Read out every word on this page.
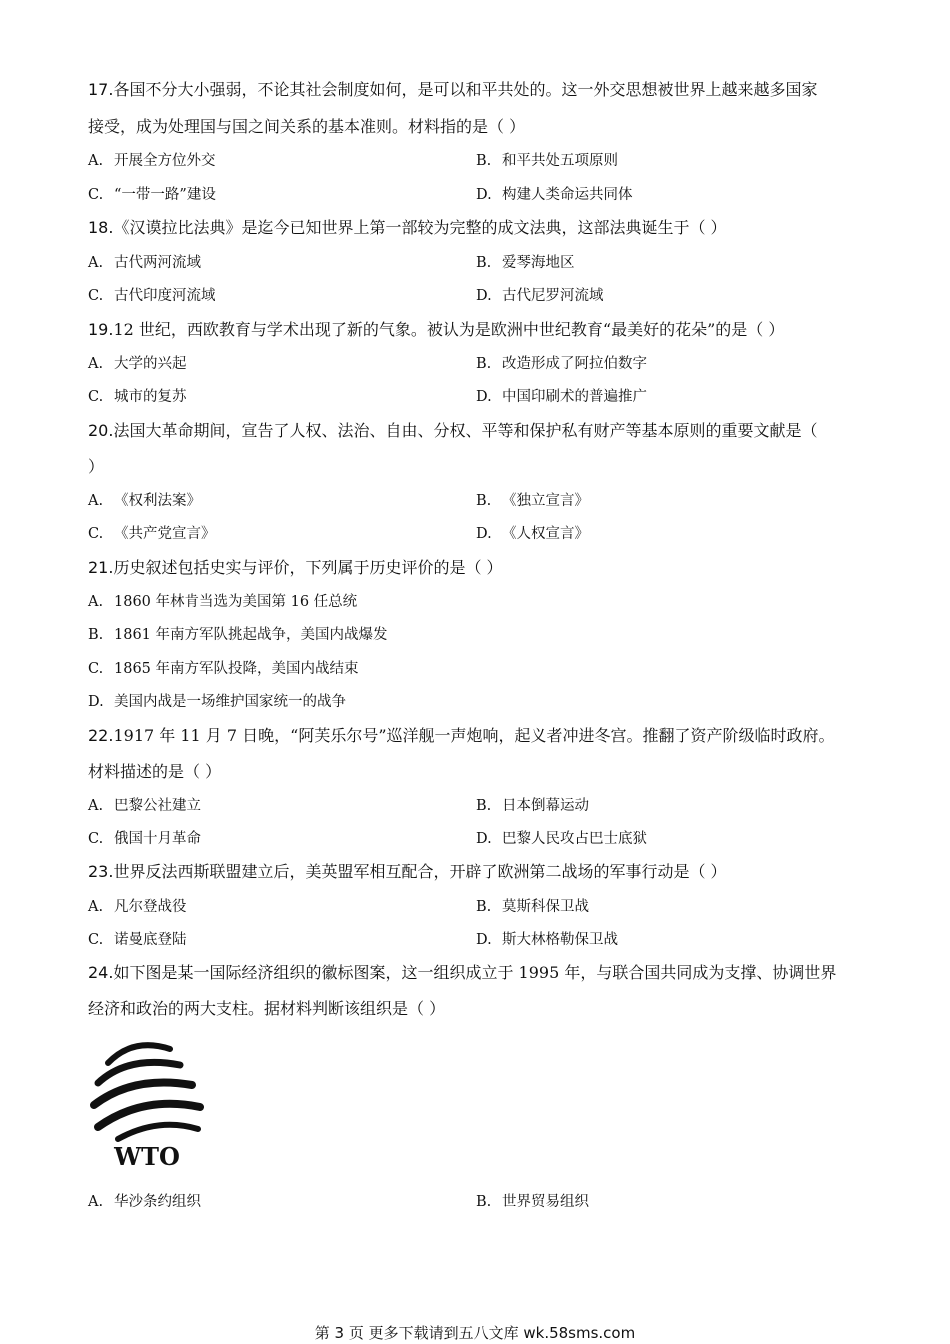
17.各国不分大小强弱，不论其社会制度如何，是可以和平共处的。这一外交思想被世界上越来越多国家
接受，成为处理国与国之间关系的基本准则。材料指的是（ ）
A. 开展全方位外交	B. 和平共处五项原则
C. “一带一路”建设	D. 构建人类命运共同体
18.《汉谟拉比法典》是迄今已知世界上第一部较为完整的成文法典，这部法典诞生于（ ）
A. 古代两河流域	B. 爱琴海地区
C. 古代印度河流域	D. 古代尼罗河流域
19.12 世纪，西欧教育与学术出现了新的气象。被认为是欧洲中世纪教育“最美好的花朵”的是（ ）
A. 大学的兴起	B. 改造形成了阿拉伯数字
C. 城市的复苏	D. 中国印刷术的普遍推广
20.法国大革命期间，宣告了人权、法治、自由、分权、平等和保护私有财产等基本原则的重要文献是（
）
A. 《权利法案》	B. 《独立宣言》
C. 《共产党宣言》	D. 《人权宣言》
21.历史叙述包括史实与评价，下列属于历史评价的是（ ）
A. 1860 年林肯当选为美国第 16 任总统
B. 1861 年南方军队挑起战争，美国内战爆发
C. 1865 年南方军队投降，美国内战结束
D. 美国内战是一场维护国家统一的战争
22.1917 年 11 月 7 日晚，“阿芙乐尔号”巡洋舰一声炮响，起义者冲进冬宫。推翻了资产阶级临时政府。
材料描述的是（ ）
A. 巴黎公社建立	B. 日本倒幕运动
C. 俄国十月革命	D. 巴黎人民攻占巴士底狱
23.世界反法西斯联盟建立后，美英盟军相互配合，开辟了欧洲第二战场的军事行动是（ ）
A. 凡尔登战役	B. 莫斯科保卫战
C. 诺曼底登陆	D. 斯大林格勒保卫战
24.如下图是某一国际经济组织的徽标图案，这一组织成立于 1995 年，与联合国共同成为支撑、协调世界
经济和政治的两大支柱。据材料判断该组织是（ ）
WTO
A. 华沙条约组织	B. 世界贸易组织
第 3 页 更多下载请到五八文库 wk.58sms.com
